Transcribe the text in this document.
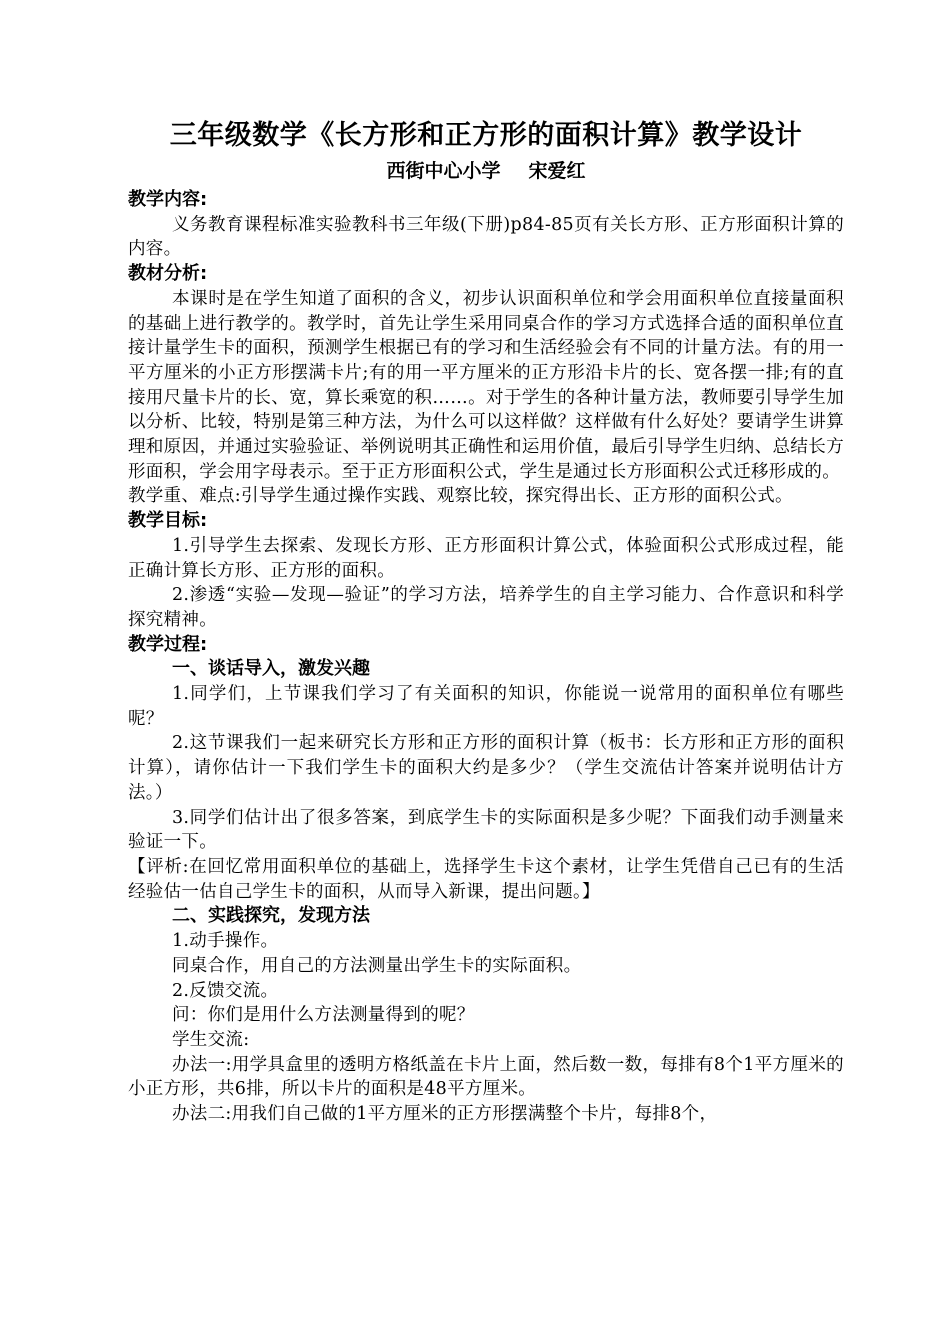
三年级数学《长方形和正方形的面积计算》教学设计
西街中心小学 宋爱红
教学内容:

义务教育课程标准实验教科书三年级(下册)p84-85页有关长方形、正方形面积计算的内容。

教材分析:

本课时是在学生知道了面积的含义，初步认识面积单位和学会用面积单位直接量面积的基础上进行教学的。教学时，首先让学生采用同桌合作的学习方式选择合适的面积单位直接计量学生卡的面积，预测学生根据已有的学习和生活经验会有不同的计量方法。有的用一平方厘米的小正方形摆满卡片;有的用一平方厘米的正方形沿卡片的长、宽各摆一排;有的直接用尺量卡片的长、宽，算长乘宽的积……。对于学生的各种计量方法，教师要引导学生加以分析、比较，特别是第三种方法，为什么可以这样做？这样做有什么好处？要请学生讲算理和原因，并通过实验验证、举例说明其正确性和运用价值，最后引导学生归纳、总结长方形面积，学会用字母表示。至于正方形面积公式，学生是通过长方形面积公式迁移形成的。

教学重、难点:引导学生通过操作实践、观察比较，探究得出长、正方形的面积公式。

教学目标:

1.引导学生去探索、发现长方形、正方形面积计算公式，体验面积公式形成过程，能正确计算长方形、正方形的面积。

2.渗透“实验—发现—验证”的学习方法，培养学生的自主学习能力、合作意识和科学探究精神。

教学过程:
一、谈话导入，激发兴趣

1.同学们，上节课我们学习了有关面积的知识，你能说一说常用的面积单位有哪些呢？

2.这节课我们一起来研究长方形和正方形的面积计算（板书：长方形和正方形的面积计算），请你估计一下我们学生卡的面积大约是多少？（学生交流估计答案并说明估计方法。）

3.同学们估计出了很多答案，到底学生卡的实际面积是多少呢？下面我们动手测量来验证一下。

【评析:在回忆常用面积单位的基础上，选择学生卡这个素材，让学生凭借自己已有的生活经验估一估自己学生卡的面积，从而导入新课，提出问题。】

二、实践探究，发现方法

1.动手操作。

同桌合作，用自己的方法测量出学生卡的实际面积。

2.反馈交流。

问：你们是用什么方法测量得到的呢？

学生交流:

办法一:用学具盒里的透明方格纸盖在卡片上面，然后数一数，每排有8个1平方厘米的小正方形，共6排，所以卡片的面积是48平方厘米。

办法二:用我们自己做的1平方厘米的正方形摆满整个卡片，每排8个，
